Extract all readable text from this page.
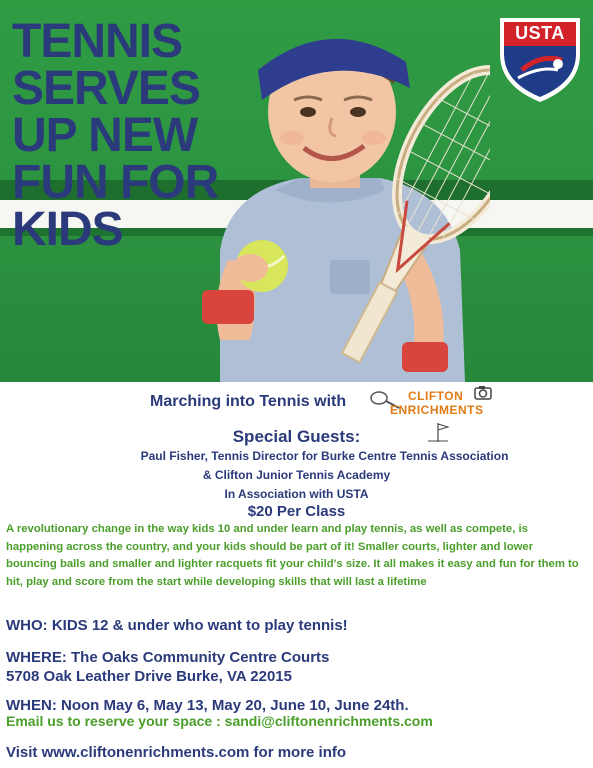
TENNIS
SERVES
UP NEW
FUN FOR
KIDS
USTA
Marching into Tennis with	CLIFTON
ENRICHMENTS
Special Guests:
Paul Fisher, Tennis Director for Burke Centre Tennis Association
& Clifton Junior Tennis Academy
In Association with USTA
$20 Per Class
A revolutionary change in the way kids 10 and under learn and play tennis, as well as compete, is happening across the country, and your kids should be part of it! Smaller courts, lighter and lower bouncing balls and smaller and lighter racquets fit your child's size. It all makes it easy and fun for them to hit, play and score from the start while developing skills that will last a lifetime
WHO: KIDS 12 & under who want to play tennis!
WHERE: The Oaks Community Centre Courts
5708 Oak Leather Drive Burke, VA 22015
WHEN: Noon May 6, May 13, May 20, June 10, June 24th.
Email us to reserve your space : sandi@cliftonenrichments.com
Visit www.cliftonenrichments.com for more info
